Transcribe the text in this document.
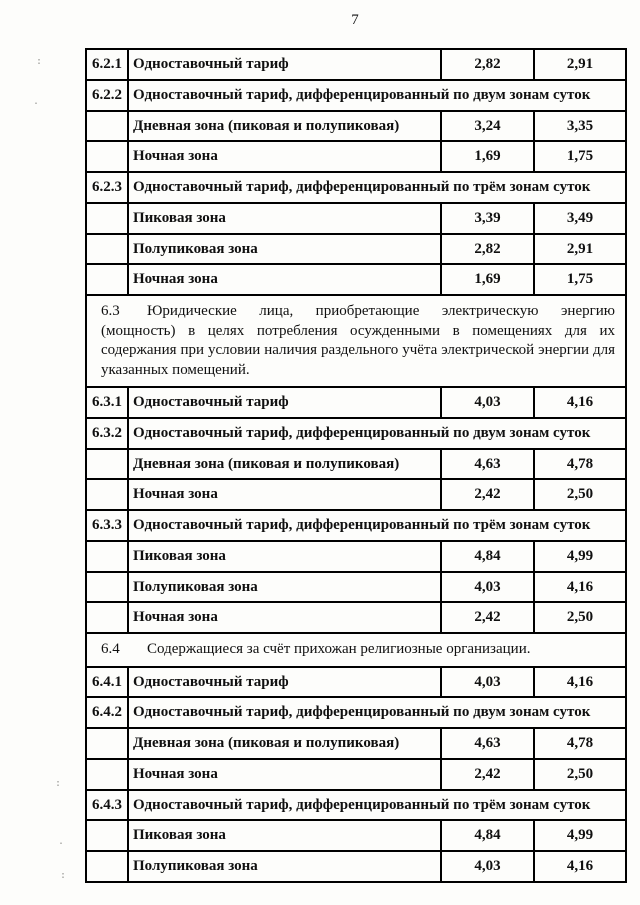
7
6.2.1	Одноставочный тариф	2,82	2,91
6.2.2	Одноставочный тариф, дифференцированный по двум зонам суток		
	Дневная зона (пиковая и полупиковая)	3,24	3,35
	Ночная зона	1,69	1,75
6.2.3	Одноставочный тариф, дифференцированный по трём зонам суток		
	Пиковая зона	3,39	3,49
	Полупиковая зона	2,82	2,91
	Ночная зона	1,69	1,75
6.3 Юридические лица, приобретающие электрическую энергию (мощность) в целях потребления осужденными в помещениях для их содержания при условии наличия раздельного учёта электрической энергии для указанных помещений.			
6.3.1	Одноставочный тариф	4,03	4,16
6.3.2	Одноставочный тариф, дифференцированный по двум зонам суток		
	Дневная зона (пиковая и полупиковая)	4,63	4,78
	Ночная зона	2,42	2,50
6.3.3	Одноставочный тариф, дифференцированный по трём зонам суток		
	Пиковая зона	4,84	4,99
	Полупиковая зона	4,03	4,16
	Ночная зона	2,42	2,50
6.4 Содержащиеся за счёт прихожан религиозные организации.			
6.4.1	Одноставочный тариф	4,03	4,16
6.4.2	Одноставочный тариф, дифференцированный по двум зонам суток		
	Дневная зона (пиковая и полупиковая)	4,63	4,78
	Ночная зона	2,42	2,50
6.4.3	Одноставочный тариф, дифференцированный по трём зонам суток		
	Пиковая зона	4,84	4,99
	Полупиковая зона	4,03	4,16
:
.
:
.
:
